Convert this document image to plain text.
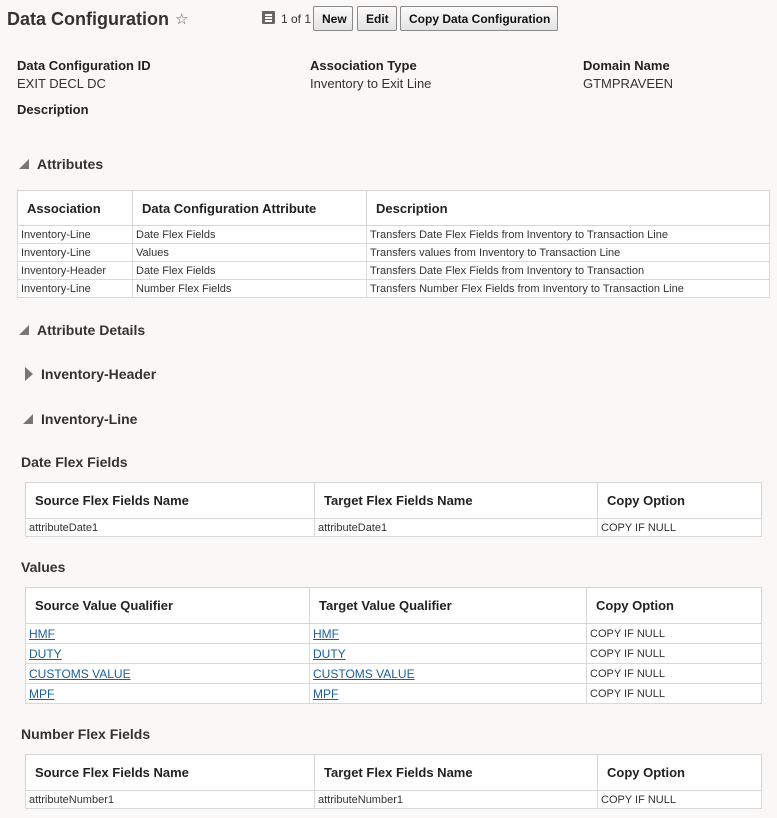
Data Configuration ☆	1 of 1 New	Edit	Copy Data Configuration
Data Configuration ID
EXIT DECL DC
Association Type
Inventory to Exit Line
Domain Name
GTMPRAVEEN
Description
Attributes
Association	Data Configuration Attribute	Description
Inventory-Line	Date Flex Fields	Transfers Date Flex Fields from Inventory to Transaction Line
Inventory-Line	Values	Transfers values from Inventory to Transaction Line
Inventory-Header	Date Flex Fields	Transfers Date Flex Fields from Inventory to Transaction
Inventory-Line	Number Flex Fields	Transfers Number Flex Fields from Inventory to Transaction Line
Attribute Details
Inventory-Header
Inventory-Line
Date Flex Fields
Source Flex Fields Name	Target Flex Fields Name	Copy Option
attributeDate1	attributeDate1	COPY IF NULL
Values
Source Value Qualifier	Target Value Qualifier	Copy Option
HMF	HMF	COPY IF NULL
DUTY	DUTY	COPY IF NULL
CUSTOMS VALUE	CUSTOMS VALUE	COPY IF NULL
MPF	MPF	COPY IF NULL
Number Flex Fields
Source Flex Fields Name	Target Flex Fields Name	Copy Option
attributeNumber1	attributeNumber1	COPY IF NULL
